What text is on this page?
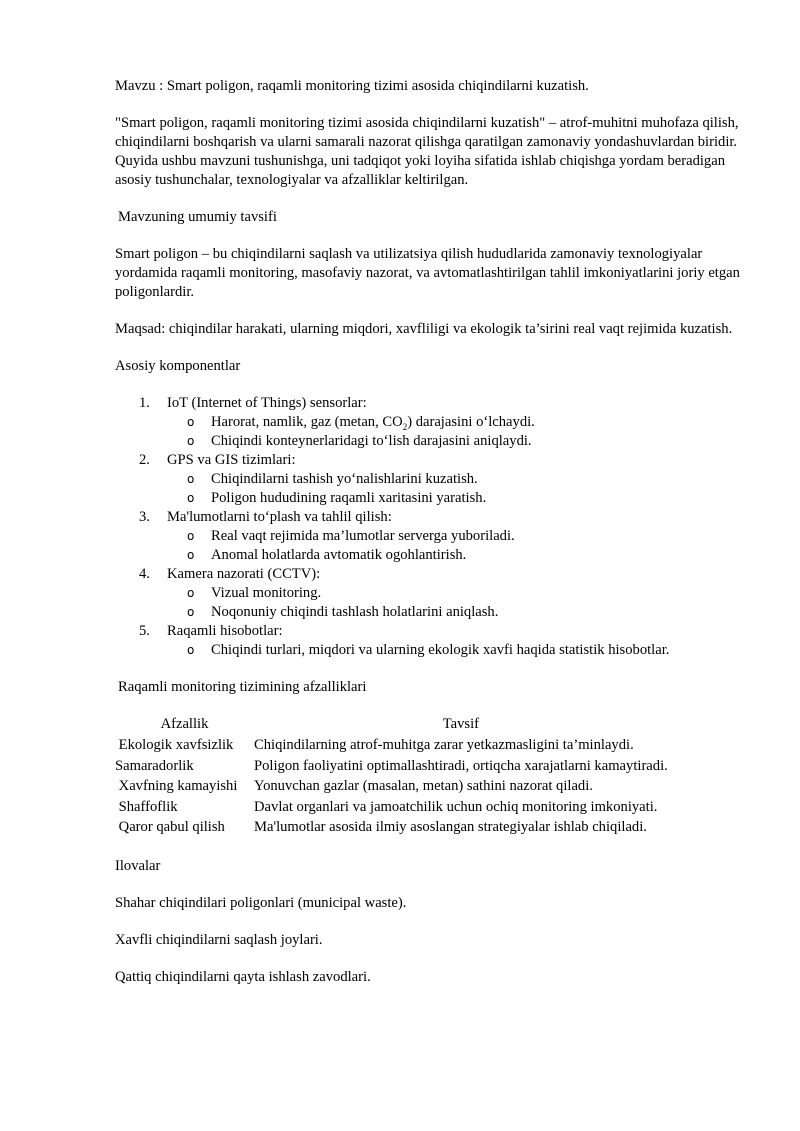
Mavzu : Smart poligon, raqamli monitoring tizimi asosida chiqindilarni kuzatish.

"Smart poligon, raqamli monitoring tizimi asosida chiqindilarni kuzatish" – atrof-muhitni muhofaza qilish, chiqindilarni boshqarish va ularni samarali nazorat qilishga qaratilgan zamonaviy yondashuvlardan biridir. Quyida ushbu mavzuni tushunishga, uni tadqiqot yoki loyiha sifatida ishlab chiqishga yordam beradigan asosiy tushunchalar, texnologiyalar va afzalliklar keltirilgan.

Mavzuning umumiy tavsifi

Smart poligon – bu chiqindilarni saqlash va utilizatsiya qilish hududlarida zamonaviy texnologiyalar yordamida raqamli monitoring, masofaviy nazorat, va avtomatlashtirilgan tahlil imkoniyatlarini joriy etgan poligonlardir.

Maqsad: chiqindilar harakati, ularning miqdori, xavfliligi va ekologik ta’sirini real vaqt rejimida kuzatish.

Asosiy komponentlar

1. IoT (Internet of Things) sensorlar:
o Harorat, namlik, gaz (metan, $CO_2$) darajasini o‘lchaydi.
o Chiqindi konteynerlaridagi to‘lish darajasini aniqlaydi.
2. GPS va GIS tizimlari:
o Chiqindilarni tashish yo‘nalishlarini kuzatish.
o Poligon hududining raqamli xaritasini yaratish.
3. Ma'lumotlarni to‘plash va tahlil qilish:
o Real vaqt rejimida ma’lumotlar serverga yuboriladi.
o Anomal holatlarda avtomatik ogohlantirish.
4. Kamera nazorati (CCTV):
o Vizual monitoring.
o Noqonuniy chiqindi tashlash holatlarini aniqlash.
5. Raqamli hisobotlar:
o Chiqindi turlari, miqdori va ularning ekologik xavfi haqida statistik hisobotlar.

Raqamli monitoring tizimining afzalliklari

Afzallik	Tavsif
Ekologik xavfsizlik	Chiqindilarning atrof-muhitga zarar yetkazmasligini ta’minlaydi.
Samaradorlik	Poligon faoliyatini optimallashtiradi, ortiqcha xarajatlarni kamaytiradi.
Xavfning kamayishi	Yonuvchan gazlar (masalan, metan) sathini nazorat qiladi.
Shaffoflik	Davlat organlari va jamoatchilik uchun ochiq monitoring imkoniyati.
Qaror qabul qilish	Ma'lumotlar asosida ilmiy asoslangan strategiyalar ishlab chiqiladi.

Ilovalar

Shahar chiqindilari poligonlari (municipal waste).

Xavfli chiqindilarni saqlash joylari.

Qattiq chiqindilarni qayta ishlash zavodlari.
